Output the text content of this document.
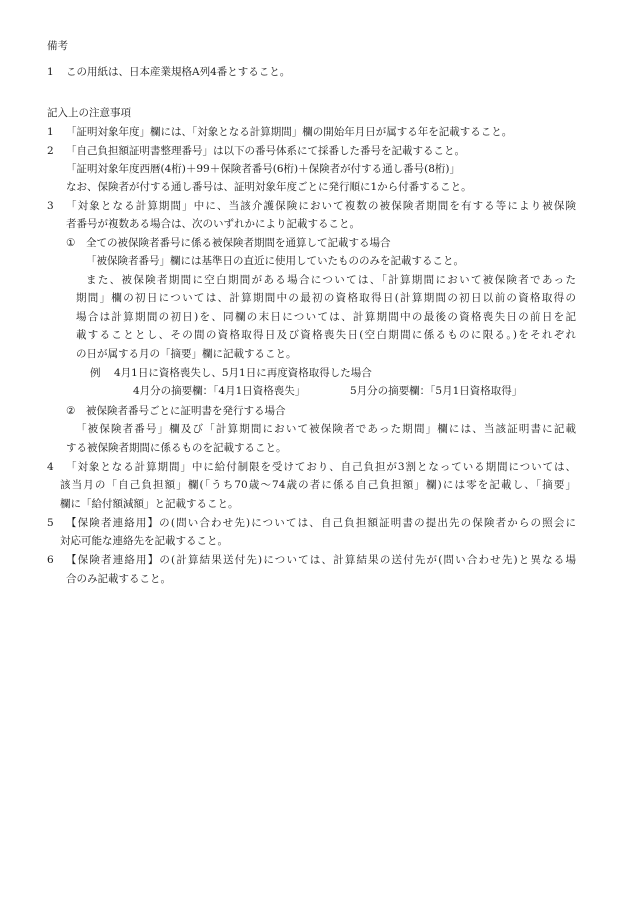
備考
1 この用紙は、日本産業規格A列4番とすること。
記入上の注意事項
1 「証明対象年度」欄には、「対象となる計算期間」欄の開始年月日が属する年を記載すること。
2 「自己負担額証明書整理番号」は以下の番号体系にて採番した番号を記載すること。
「証明対象年度西暦(4桁)＋99＋保険者番号(6桁)＋保険者が付する通し番号(8桁)」
なお、保険者が付する通し番号は、証明対象年度ごとに発行順に1から付番すること。
3 「対象となる計算期間」中に、当該介護保険において複数の被保険者期間を有する等により被保険
者番号が複数ある場合は、次のいずれかにより記載すること。
① 全ての被保険者番号に係る被保険者期間を通算して記載する場合
「被保険者番号」欄には基準日の直近に使用していたもののみを記載すること。
また、被保険者期間に空白期間がある場合については、「計算期間において被保険者であった
期間」欄の初日については、計算期間中の最初の資格取得日(計算期間の初日以前の資格取得の
場合は計算期間の初日)を、同欄の末日については、計算期間中の最後の資格喪失日の前日を記
載することとし、その間の資格取得日及び資格喪失日(空白期間に係るものに限る。)をそれぞれ
の日が属する月の「摘要」欄に記載すること。
例 4月1日に資格喪失し、5月1日に再度資格取得した場合
4月分の摘要欄：「4月1日資格喪失」	5月分の摘要欄：「5月1日資格取得」
② 被保険者番号ごとに証明書を発行する場合
「被保険者番号」欄及び「計算期間において被保険者であった期間」欄には、当該証明書に記載
する被保険者期間に係るものを記載すること。
4 「対象となる計算期間」中に給付制限を受けており、自己負担が3割となっている期間については、
該当月の「自己負担額」欄(「うち70歳～74歳の者に係る自己負担額」欄)には零を記載し、「摘要」
欄に「給付額減額」と記載すること。
5 【保険者連絡用】の(問い合わせ先)については、自己負担額証明書の提出先の保険者からの照会に
対応可能な連絡先を記載すること。
6 【保険者連絡用】の(計算結果送付先)については、計算結果の送付先が(問い合わせ先)と異なる場
合のみ記載すること。
